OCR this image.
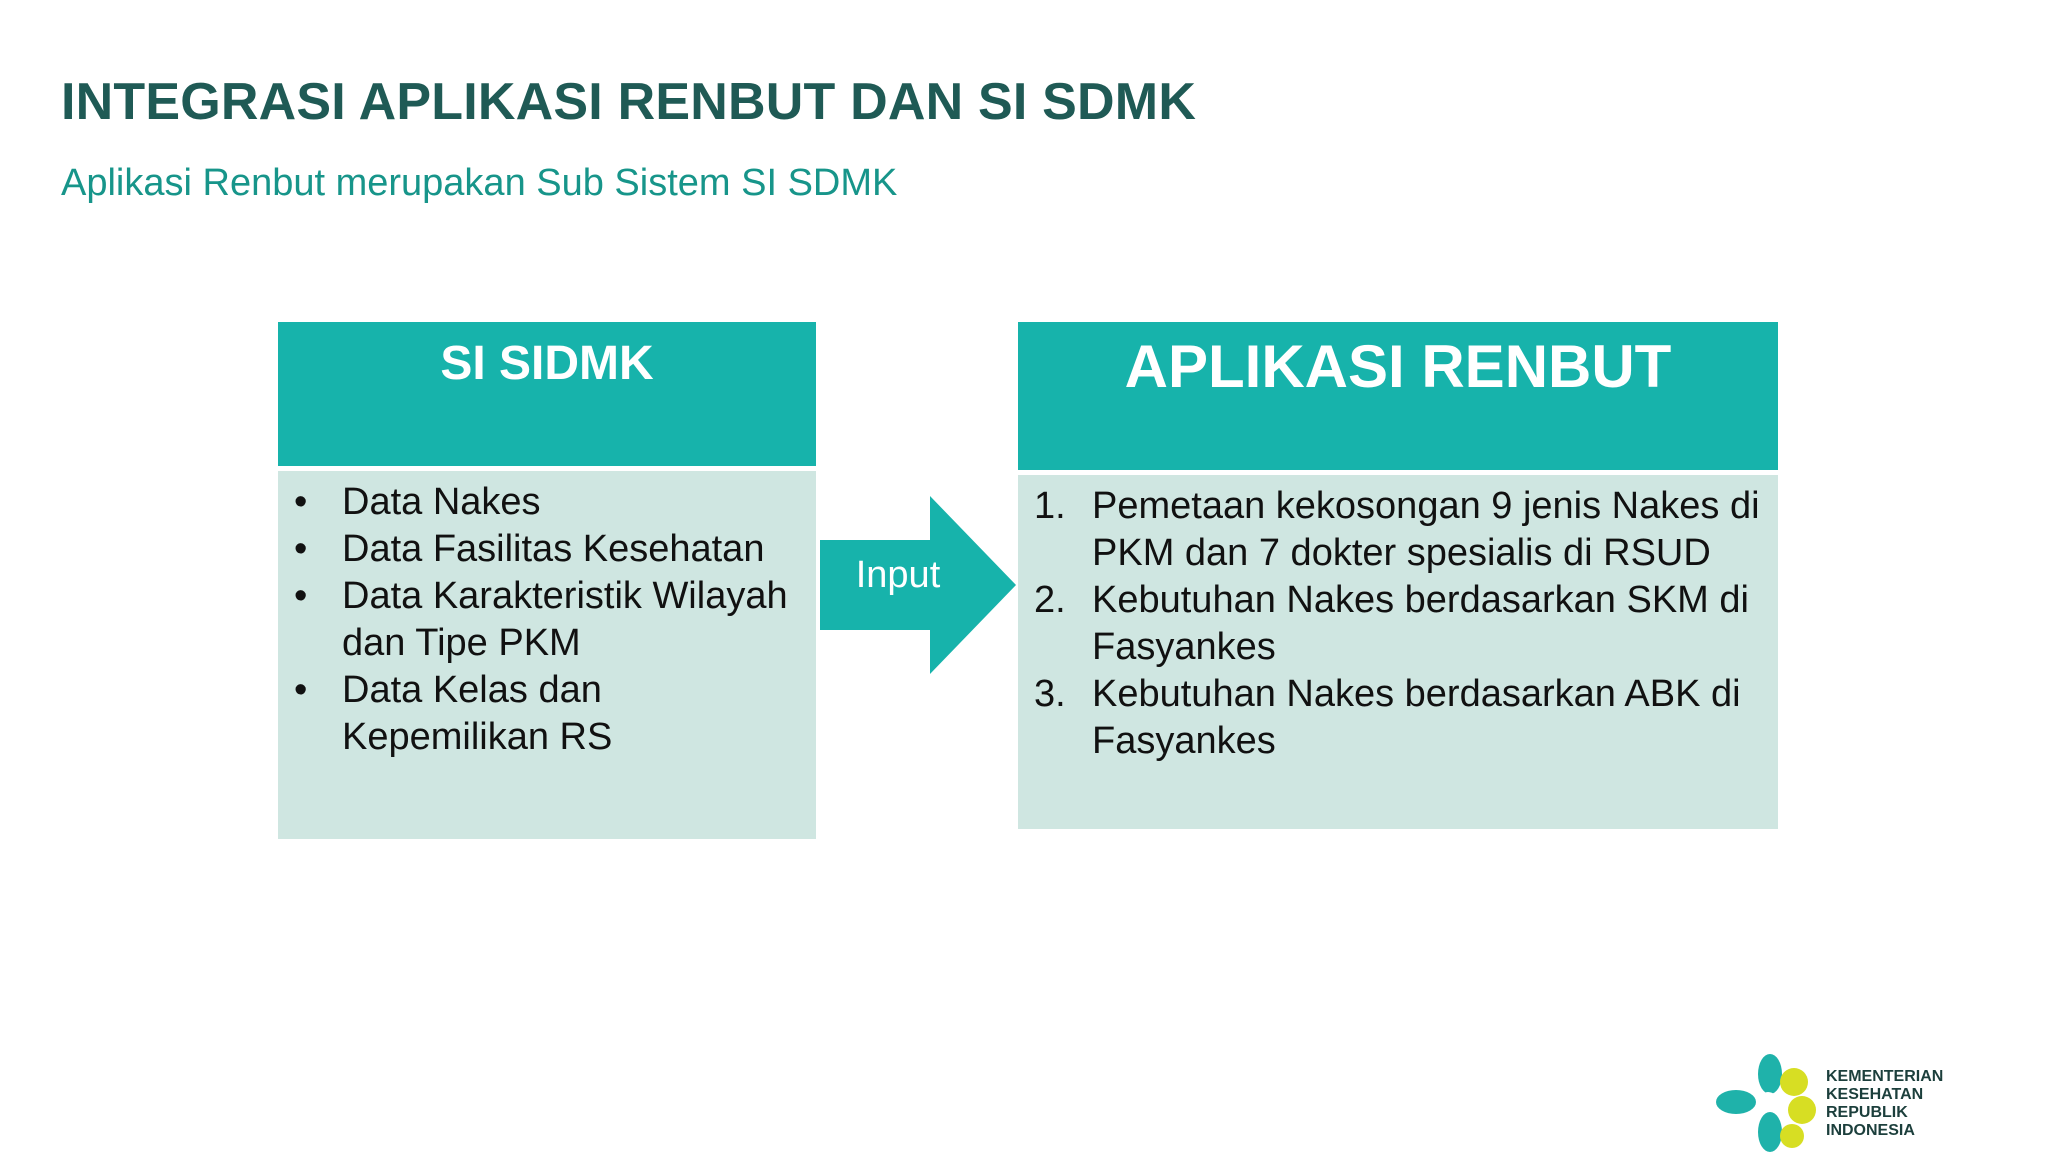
INTEGRASI APLIKASI RENBUT DAN SI SDMK
Aplikasi Renbut merupakan Sub Sistem SI SDMK
SI SIDMK
• Data Nakes
• Data Fasilitas Kesehatan
• Data Karakteristik Wilayah dan Tipe PKM
• Data Kelas dan Kepemilikan RS
Input
APLIKASI RENBUT
1. Pemetaan kekosongan 9 jenis Nakes di PKM dan 7 dokter spesialis di RSUD
2. Kebutuhan Nakes berdasarkan SKM di Fasyankes
3. Kebutuhan Nakes berdasarkan ABK di Fasyankes
KEMENTERIAN
KESEHATAN
REPUBLIK
INDONESIA
